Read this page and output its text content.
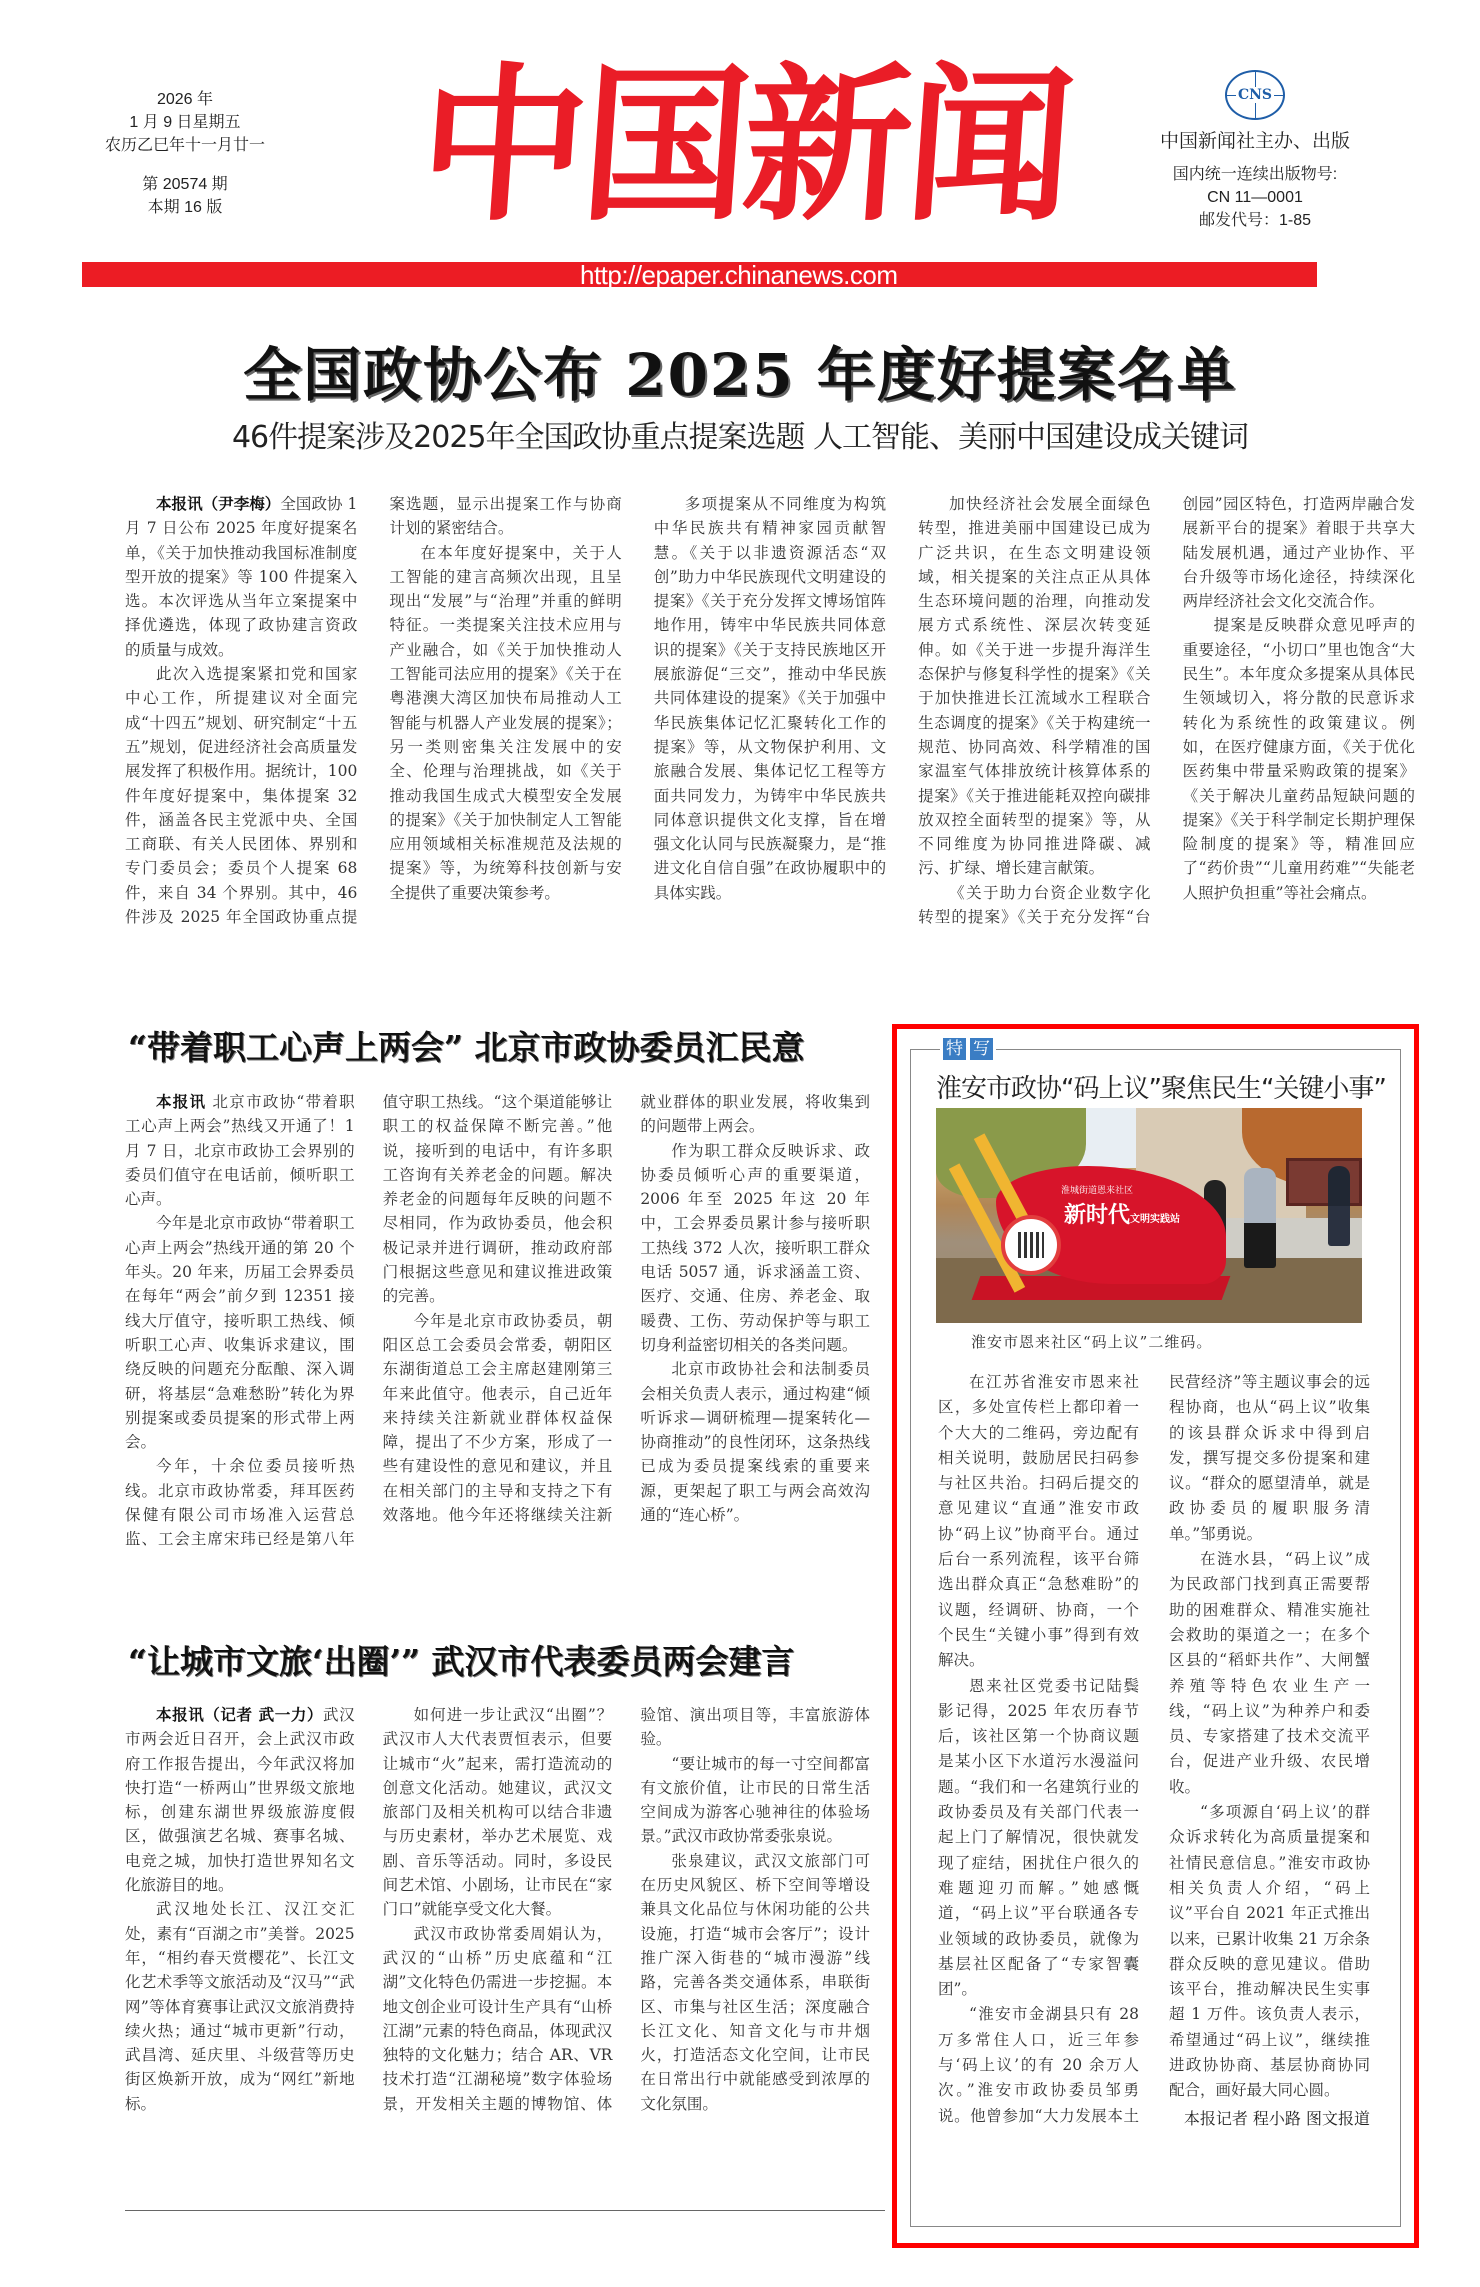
2026 年
1 月 9 日星期五
农历乙巳年十一月廿一
第 20574 期
本期 16 版	中
国
新
闻	CNS
中国新闻社主办、出版
国内统一连续出版物号:
CN 11—0001
邮发代号：1-85
http://epaper.chinanews.com
全国政协公布 2025 年度好提案名单
46件提案涉及2025年全国政协重点提案选题 人工智能、美丽中国建设成关键词

本报讯（尹李梅）全国政协 1 月 7 日公布 2025 年度好提案名单，《关于加快推动我国标准制度型开放的提案》等 100 件提案入选。本次评选从当年立案提案中择优遴选，体现了政协建言资政的质量与成效。

此次入选提案紧扣党和国家中心工作，所提建议对全面完成“十四五”规划、研究制定“十五五”规划，促进经济社会高质量发展发挥了积极作用。据统计，100 件年度好提案中，集体提案 32 件，涵盖各民主党派中央、全国工商联、有关人民团体、界别和专门委员会；委员个人提案 68 件，来自 34 个界别。其中，46 件涉及 2025 年全国政协重点提案选题，显示出提案工作与协商计划的紧密结合。

在本年度好提案中，关于人工智能的建言高频次出现，且呈现出“发展”与“治理”并重的鲜明特征。一类提案关注技术应用与产业融合，如《关于加快推动人工智能司法应用的提案》《关于在粤港澳大湾区加快布局推动人工智能与机器人产业发展的提案》；另一类则密集关注发展中的安全、伦理与治理挑战，如《关于推动我国生成式大模型安全发展的提案》《关于加快制定人工智能应用领域相关标准规范及法规的提案》等，为统筹科技创新与安全提供了重要决策参考。

多项提案从不同维度为构筑中华民族共有精神家园贡献智慧。《关于以非遗资源活态“双创”助力中华民族现代文明建设的提案》《关于充分发挥文博场馆阵地作用，铸牢中华民族共同体意识的提案》《关于支持民族地区开展旅游促“三交”，推动中华民族共同体建设的提案》《关于加强中华民族集体记忆汇聚转化工作的提案》等，从文物保护利用、文旅融合发展、集体记忆工程等方面共同发力，为铸牢中华民族共同体意识提供文化支撑，旨在增强文化认同与民族凝聚力，是“推进文化自信自强”在政协履职中的具体实践。

加快经济社会发展全面绿色转型，推进美丽中国建设已成为广泛共识，在生态文明建设领域，相关提案的关注点正从具体生态环境问题的治理，向推动发展方式系统性、深层次转变延伸。如《关于进一步提升海洋生态保护与修复科学性的提案》《关于加快推进长江流域水工程联合生态调度的提案》《关于构建统一规范、协同高效、科学精准的国家温室气体排放统计核算体系的提案》《关于推进能耗双控向碳排放双控全面转型的提案》等，从不同维度为协同推进降碳、减污、扩绿、增长建言献策。

《关于助力台资企业数字化转型的提案》《关于充分发挥“台创园”园区特色，打造两岸融合发展新平台的提案》着眼于共享大陆发展机遇，通过产业协作、平台升级等市场化途径，持续深化两岸经济社会文化交流合作。

提案是反映群众意见呼声的重要途径，“小切口”里也饱含“大民生”。本年度众多提案从具体民生领域切入，将分散的民意诉求转化为系统性的政策建议。例如，在医疗健康方面，《关于优化医药集中带量采购政策的提案》《关于解决儿童药品短缺问题的提案》《关于科学制定长期护理保险制度的提案》等，精准回应了“药价贵”“儿童用药难”“失能老人照护负担重”等社会痛点。

“带着职工心声上两会” 北京市政协委员汇民意

本报讯 北京市政协“带着职工心声上两会”热线又开通了！1 月 7 日，北京市政协工会界别的委员们值守在电话前，倾听职工心声。

今年是北京市政协“带着职工心声上两会”热线开通的第 20 个年头。20 年来，历届工会界委员在每年“两会”前夕到 12351 接线大厅值守，接听职工热线、倾听职工心声、收集诉求建议，围绕反映的问题充分酝酿、深入调研，将基层“急难愁盼”转化为界别提案或委员提案的形式带上两会。

今年，十余位委员接听热线。北京市政协常委，拜耳医药保健有限公司市场准入运营总监、工会主席宋玮已经是第八年值守职工热线。“这个渠道能够让职工的权益保障不断完善。”他说，接听到的电话中，有许多职工咨询有关养老金的问题。解决养老金的问题每年反映的问题不尽相同，作为政协委员，他会积极记录并进行调研，推动政府部门根据这些意见和建议推进政策的完善。

今年是北京市政协委员，朝阳区总工会委员会常委，朝阳区东湖街道总工会主席赵建刚第三年来此值守。他表示，自己近年来持续关注新就业群体权益保障，提出了不少方案，形成了一些有建设性的意见和建议，并且在相关部门的主导和支持之下有效落地。他今年还将继续关注新就业群体的职业发展，将收集到的问题带上两会。

作为职工群众反映诉求、政协委员倾听心声的重要渠道，2006 年至 2025 年这 20 年中，工会界委员累计参与接听职工热线 372 人次，接听职工群众电话 5057 通，诉求涵盖工资、医疗、交通、住房、养老金、取暖费、工伤、劳动保护等与职工切身利益密切相关的各类问题。

北京市政协社会和法制委员会相关负责人表示，通过构建“倾听诉求—调研梳理—提案转化—协商推动”的良性闭环，这条热线已成为委员提案线索的重要来源，更架起了职工与两会高效沟通的“连心桥”。

“让城市文旅‘出圈’” 武汉市代表委员两会建言

本报讯（记者 武一力）武汉市两会近日召开，会上武汉市政府工作报告提出，今年武汉将加快打造“一桥两山”世界级文旅地标，创建东湖世界级旅游度假区，做强演艺名城、赛事名城、电竞之城，加快打造世界知名文化旅游目的地。

武汉地处长江、汉江交汇处，素有“百湖之市”美誉。2025 年，“相约春天赏樱花”、长江文化艺术季等文旅活动及“汉马”“武网”等体育赛事让武汉文旅消费持续火热；通过“城市更新”行动，武昌湾、延庆里、斗级营等历史街区焕新开放，成为“网红”新地标。

如何进一步让武汉“出圈”？武汉市人大代表贾恒表示，但要让城市“火”起来，需打造流动的创意文化活动。她建议，武汉文旅部门及相关机构可以结合非遗与历史素材，举办艺术展览、戏剧、音乐等活动。同时，多设民间艺术馆、小剧场，让市民在“家门口”就能享受文化大餐。

武汉市政协常委周娟认为，武汉的“山桥”历史底蕴和“江湖”文化特色仍需进一步挖掘。本地文创企业可设计生产具有“山桥江湖”元素的特色商品，体现武汉独特的文化魅力；结合 AR、VR 技术打造“江湖秘境”数字体验场景，开发相关主题的博物馆、体验馆、演出项目等，丰富旅游体验。

“要让城市的每一寸空间都富有文旅价值，让市民的日常生活空间成为游客心驰神往的体验场景。”武汉市政协常委张泉说。

张泉建议，武汉文旅部门可在历史风貌区、桥下空间等增设兼具文化品位与休闲功能的公共设施，打造“城市会客厅”；设计推广深入街巷的“城市漫游”线路，完善各类交通体系，串联街区、市集与社区生活；深度融合长江文化、知音文化与市井烟火，打造活态文化空间，让市民在日常出行中就能感受到浓厚的文化氛围。

特 写
淮安市政协“码上议”聚焦民生“关键小事”
淮城街道恩来社区
新时代文明实践站
淮安市恩来社区“码上议”二维码。

在江苏省淮安市恩来社区，多处宣传栏上都印着一个大大的二维码，旁边配有相关说明，鼓励居民扫码参与社区共治。扫码后提交的意见建议“直通”淮安市政协“码上议”协商平台。通过后台一系列流程，该平台筛选出群众真正“急愁难盼”的议题，经调研、协商，一个个民生“关键小事”得到有效解决。

恩来社区党委书记陆鬓影记得，2025 年农历春节后，该社区第一个协商议题是某小区下水道污水漫溢问题。“我们和一名建筑行业的政协委员及有关部门代表一起上门了解情况，很快就发现了症结，困扰住户很久的难题迎刃而解。”她感慨道，“码上议”平台联通各专业领域的政协委员，就像为基层社区配备了“专家智囊团”。

“淮安市金湖县只有 28 万多常住人口，近三年参与‘码上议’的有 20 余万人次。”淮安市政协委员邹勇说。他曾参加“大力发展本土民营经济”等主题议事会的远程协商，也从“码上议”收集的该县群众诉求中得到启发，撰写提交多份提案和建议。“群众的愿望清单，就是政协委员的履职服务清单。”邹勇说。

在涟水县，“码上议”成为民政部门找到真正需要帮助的困难群众、精准实施社会救助的渠道之一；在多个区县的“稻虾共作”、大闸蟹养殖等特色农业生产一线，“码上议”为种养户和委员、专家搭建了技术交流平台，促进产业升级、农民增收。

“多项源自‘码上议’的群众诉求转化为高质量提案和社情民意信息。”淮安市政协相关负责人介绍，“码上议”平台自 2021 年正式推出以来，已累计收集 21 万余条群众反映的意见建议。借助该平台，推动解决民生实事超 1 万件。该负责人表示，希望通过“码上议”，继续推进政协协商、基层协商协同配合，画好最大同心圆。

本报记者 程小路 图文报道
